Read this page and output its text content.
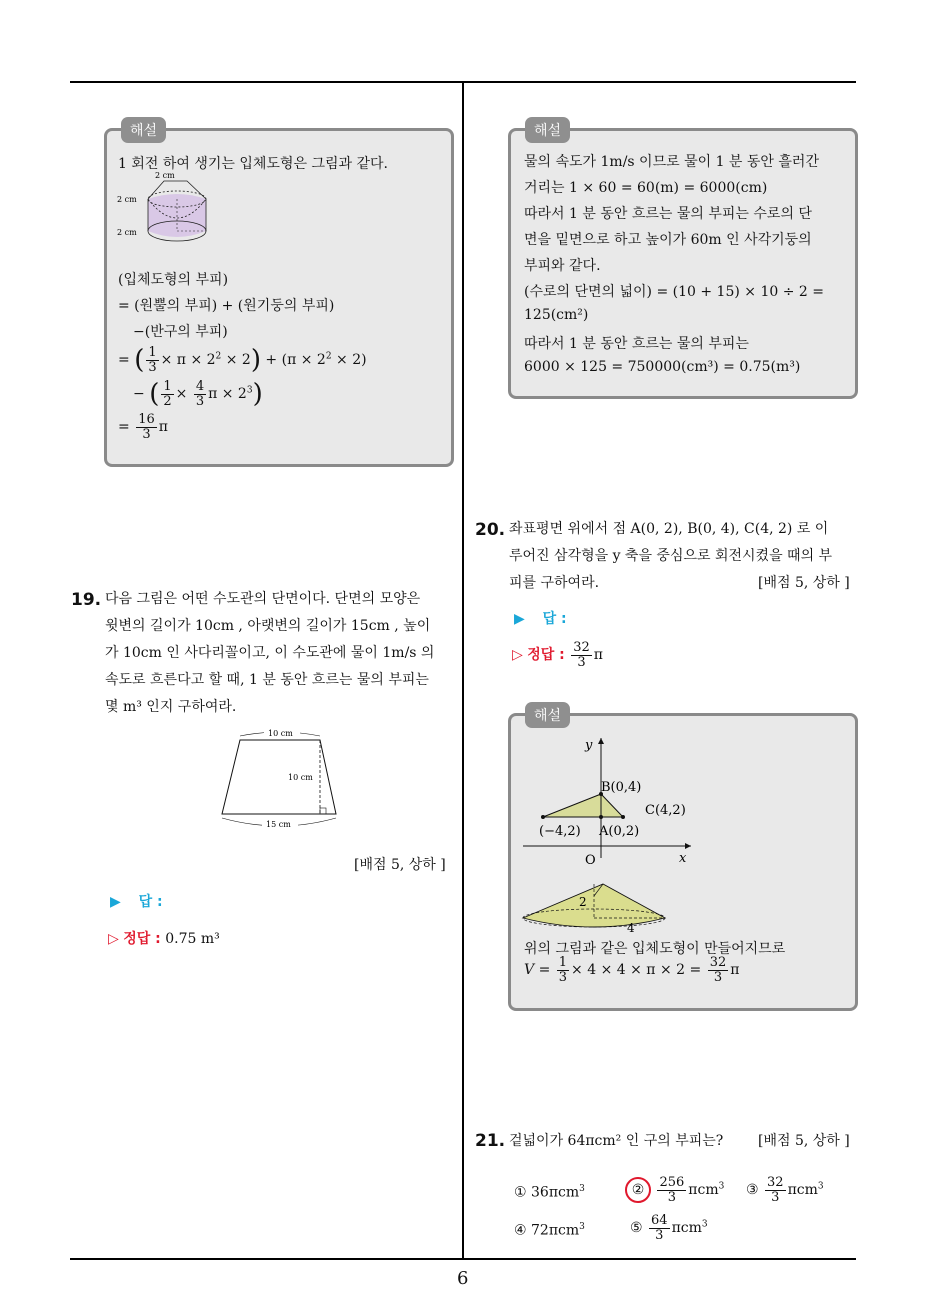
해설
1 회전 하여 생기는 입체도형은 그림과 같다.
2 cm
2 cm
2 cm
(입체도형의 부피)
= (원뿔의 부피) + (원기둥의 부피)
−(반구의 부피)
= ( $\frac{1}{3} \times \pi \times 2^2 \times 2) + (\pi \times 2^2 \times 2)$
− ( $\frac{1}{2} \times \frac{4}{3}$ $\pi \times 2^3$)
= $\frac{16}{3}$ π
19. 다음 그림은 어떤 수도관의 단면이다. 단면의 모양은
윗변의 길이가 10cm , 아랫변의 길이가 15cm , 높이
가 10cm 인 사다리꼴이고, 이 수도관에 물이 1m/s 의
속도로 흐른다고 할 때, 1 분 동안 흐르는 물의 부피는
몇 m³ 인지 구하여라.
10 cm
10 cm
15 cm
[배점 5, 상하 ]
▶ 답 :
▷ 정답 : 0.75 m³
해설
물의 속도가 1m/s 이므로 물이 1 분 동안 흘러간
거리는 1 × 60 = 60(m) = 6000(cm)
따라서 1 분 동안 흐르는 물의 부피는 수로의 단
면을 밑면으로 하고 높이가 60m 인 사각기둥의
부피와 같다.
(수로의 단면의 넓이) = (10 + 15) × 10 ÷ 2 =
125(cm²)
따라서 1 분 동안 흐르는 물의 부피는
6000 × 125 = 750000(cm³) = 0.75(m³)
20. 좌표평면 위에서 점 A(0, 2), B(0, 4), C(4, 2) 로 이
루어진 삼각형을 y 축을 중심으로 회전시켰을 때의 부
피를 구하여라.	[배점 5, 상하 ]
▶ 답 :
▷ 정답 : $\frac{32}{3}$ π
해설
y
x
O
B(0,4)
C(4,2)
(−4,2) A(0,2)
2
4
위의 그림과 같은 입체도형이 만들어지므로
$V = \frac{1}{3} \times 4 \times 4 \times \pi \times 2 = \frac{32}{3}$ π
21. 겉넓이가 64πcm² 인 구의 부피는? [배점 5, 상하 ]
① 36πcm$^3$	② $\frac{256}{3} \pi cm^3$ ③ $\frac{32}{3} \pi cm^3$
④ 72πcm$^3$	⑤ $\frac{64}{3} \pi cm^3$
6
